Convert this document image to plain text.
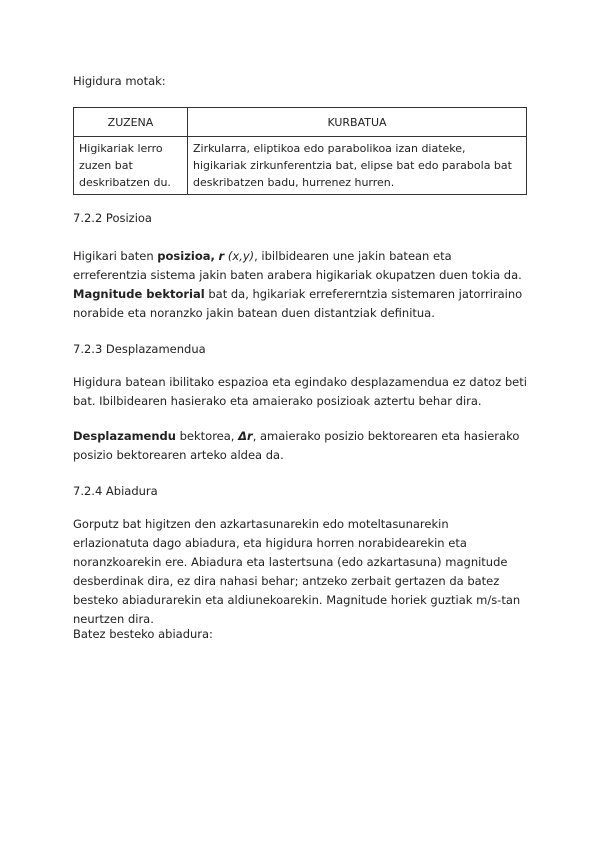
Higidura motak:

ZUZENA	KURBATUA
Higikariak lerro zuzen bat deskribatzen du.	Zirkularra, eliptikoa edo parabolikoa izan diateke, higikariak zirkunferentzia bat, elipse bat edo parabola bat deskribatzen badu, hurrenez hurren.

7.2.2 Posizioa

Higikari baten posizioa, r (x,y), ibilbidearen une jakin batean eta erreferentzia sistema jakin baten arabera higikariak okupatzen duen tokia da.
Magnitude bektorial bat da, hgikariak errefererntzia sistemaren jatorriraino norabide eta noranzko jakin batean duen distantziak definitua.

7.2.3 Desplazamendua

Higidura batean ibilitako espazioa eta egindako desplazamendua ez datoz beti bat. Ibilbidearen hasierako eta amaierako posizioak aztertu behar dira.

Desplazamendu bektorea, Δr, amaierako posizio bektorearen eta hasierako posizio bektorearen arteko aldea da.

7.2.4 Abiadura

Gorputz bat higitzen den azkartasunarekin edo moteltasunarekin erlazionatuta dago abiadura, eta higidura horren norabidearekin eta noranzkoarekin ere. Abiadura eta lastertsuna (edo azkartasuna) magnitude desberdinak dira, ez dira nahasi behar; antzeko zerbait gertazen da batez besteko abiadurarekin eta aldiunekoarekin. Magnitude horiek guztiak m/s-tan neurtzen dira.

Batez besteko abiadura:
